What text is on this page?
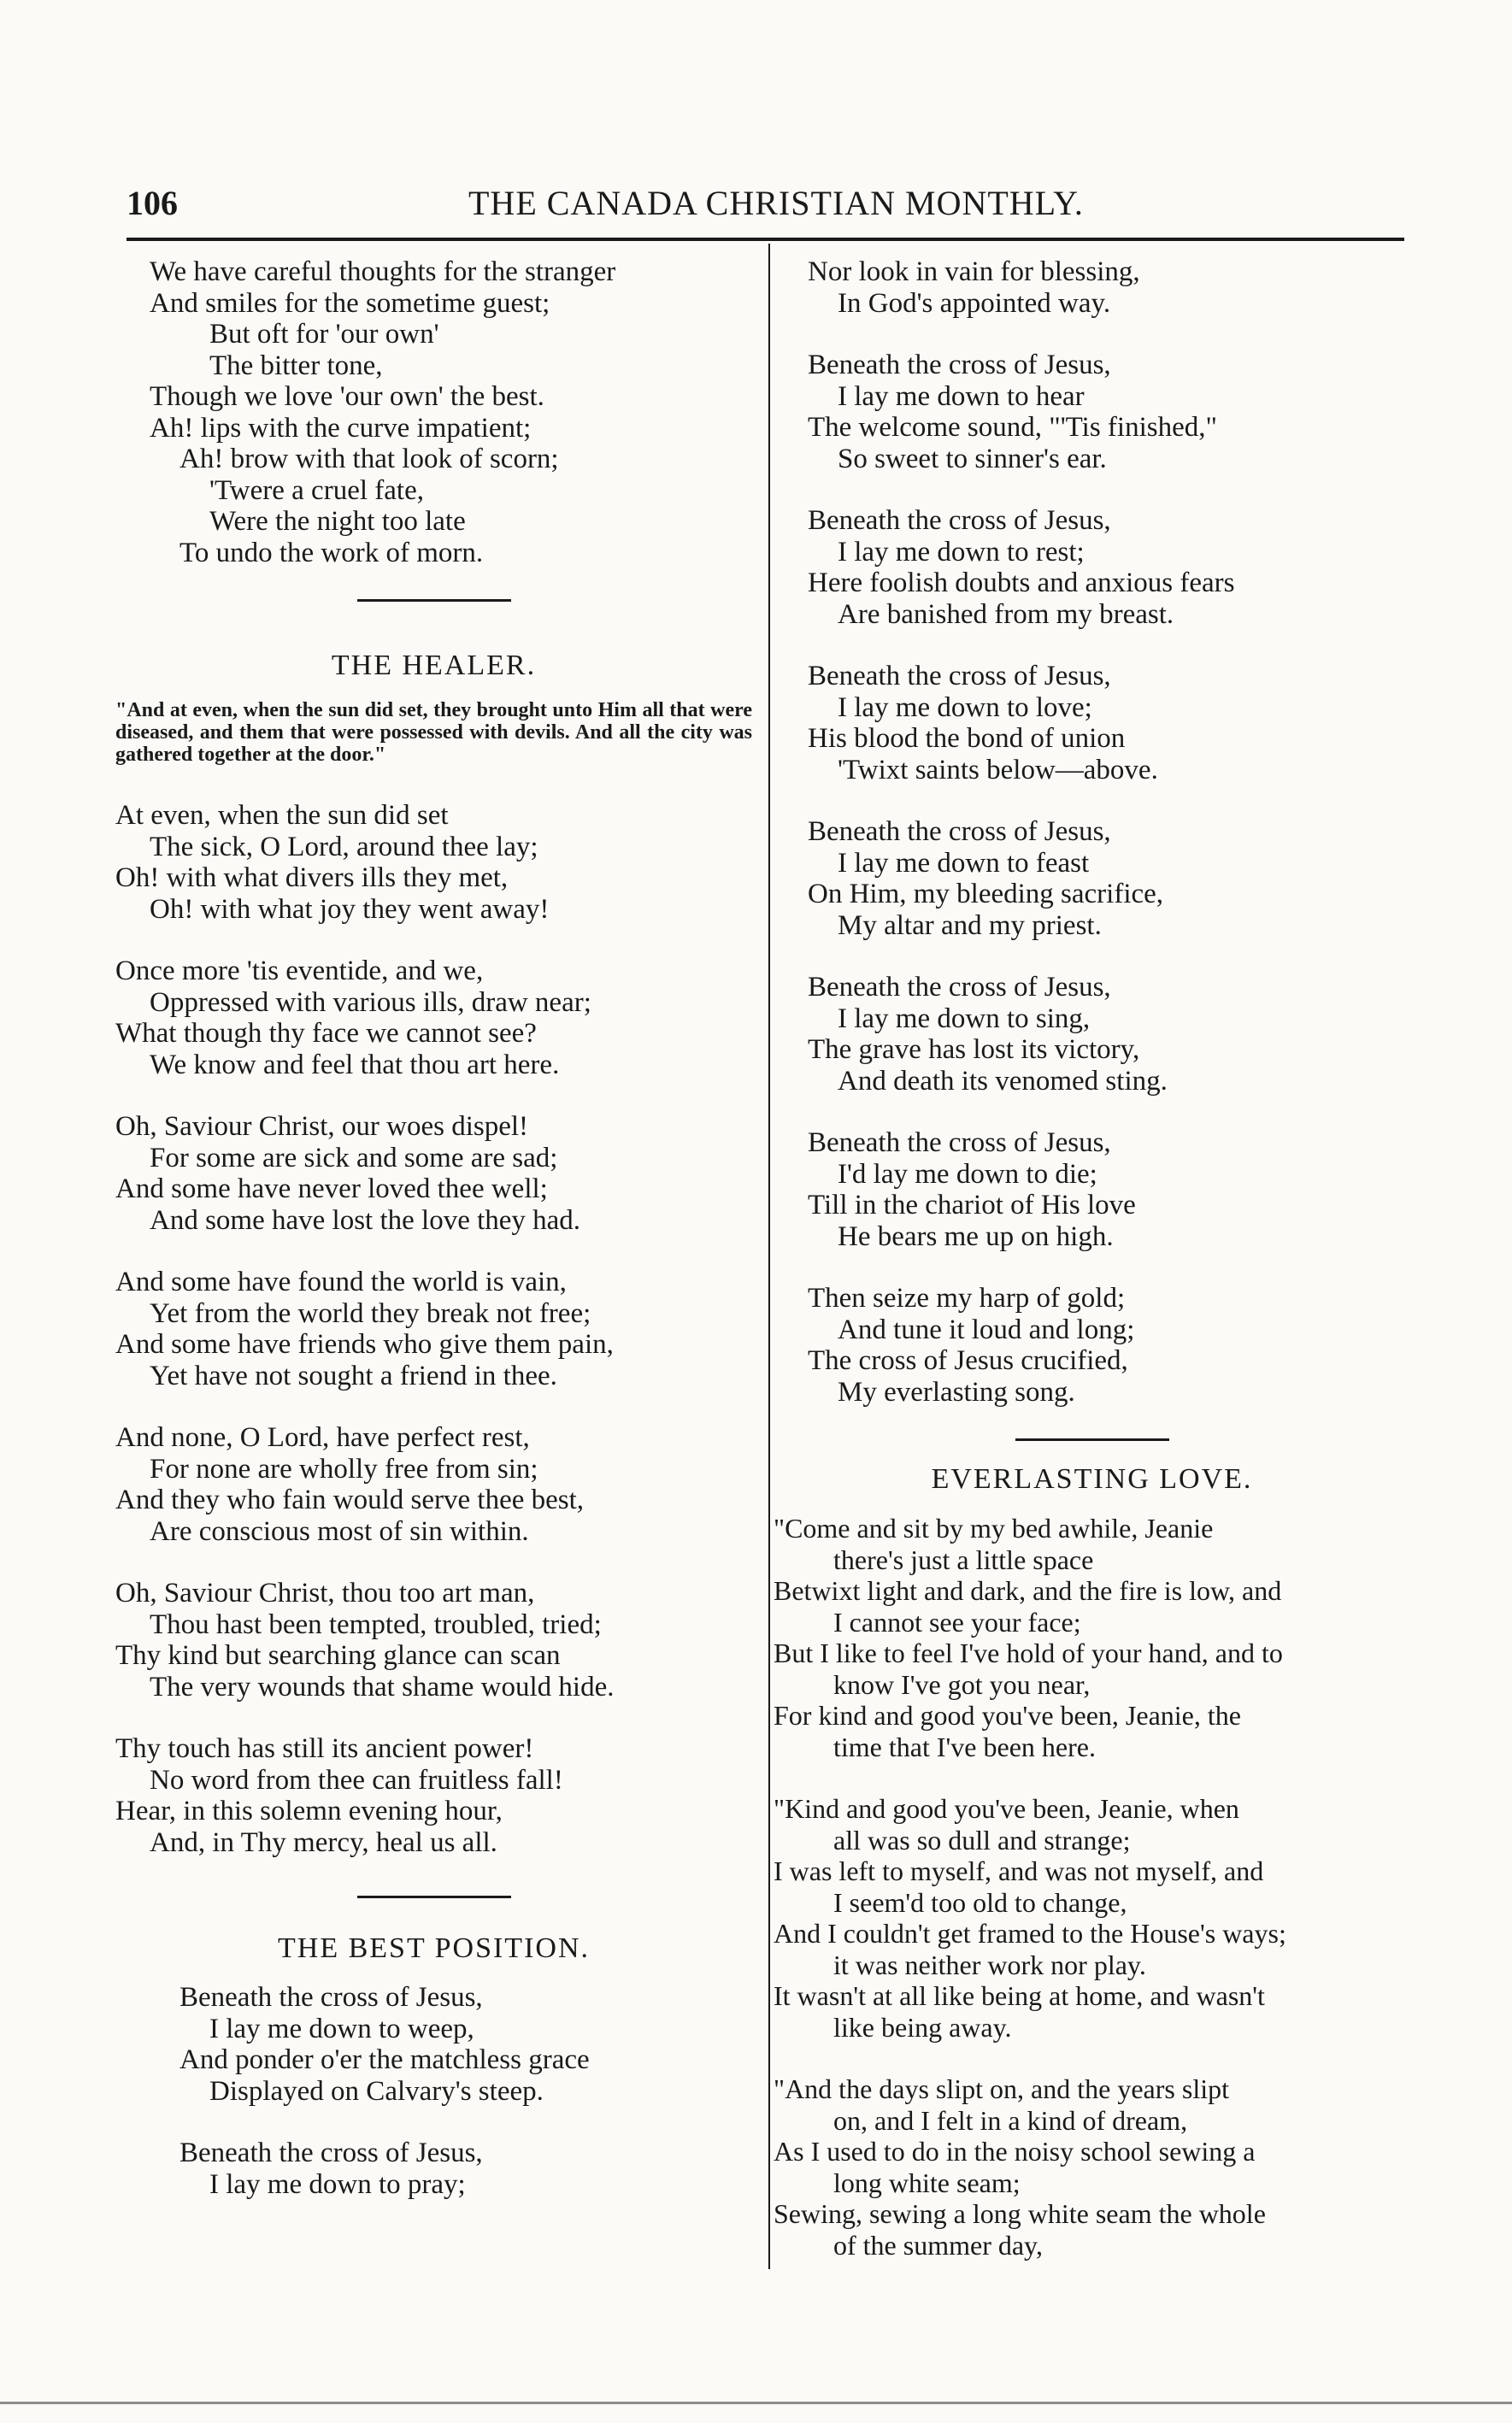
106	THE CANADA CHRISTIAN MONTHLY.
We have careful thoughts for the stranger
And smiles for the sometime guest;
But oft for 'our own'
The bitter tone,
Though we love 'our own' the best.
Ah! lips with the curve impatient;
Ah! brow with that look of scorn;
'Twere a cruel fate,
Were the night too late
To undo the work of morn.
THE HEALER.
"And at even, when the sun did set, they brought unto Him all that were diseased, and them that were possessed with devils. And all the city was gathered together at the door."
At even, when the sun did set
The sick, O Lord, around thee lay;
Oh! with what divers ills they met,
Oh! with what joy they went away!
Once more 'tis eventide, and we,
Oppressed with various ills, draw near;
What though thy face we cannot see?
We know and feel that thou art here.
Oh, Saviour Christ, our woes dispel!
For some are sick and some are sad;
And some have never loved thee well;
And some have lost the love they had.
And some have found the world is vain,
Yet from the world they break not free;
And some have friends who give them pain,
Yet have not sought a friend in thee.
And none, O Lord, have perfect rest,
For none are wholly free from sin;
And they who fain would serve thee best,
Are conscious most of sin within.
Oh, Saviour Christ, thou too art man,
Thou hast been tempted, troubled, tried;
Thy kind but searching glance can scan
The very wounds that shame would hide.
Thy touch has still its ancient power!
No word from thee can fruitless fall!
Hear, in this solemn evening hour,
And, in Thy mercy, heal us all.
THE BEST POSITION.
Beneath the cross of Jesus,
I lay me down to weep,
And ponder o'er the matchless grace
Displayed on Calvary's steep.
Beneath the cross of Jesus,
I lay me down to pray;
Nor look in vain for blessing,
In God's appointed way.
Beneath the cross of Jesus,
I lay me down to hear
The welcome sound, "'Tis finished,"
So sweet to sinner's ear.
Beneath the cross of Jesus,
I lay me down to rest;
Here foolish doubts and anxious fears
Are banished from my breast.
Beneath the cross of Jesus,
I lay me down to love;
His blood the bond of union
'Twixt saints below—above.
Beneath the cross of Jesus,
I lay me down to feast
On Him, my bleeding sacrifice,
My altar and my priest.
Beneath the cross of Jesus,
I lay me down to sing,
The grave has lost its victory,
And death its venomed sting.
Beneath the cross of Jesus,
I'd lay me down to die;
Till in the chariot of His love
He bears me up on high.
Then seize my harp of gold;
And tune it loud and long;
The cross of Jesus crucified,
My everlasting song.
EVERLASTING LOVE.
"Come and sit by my bed awhile, Jeanie
there's just a little space
Betwixt light and dark, and the fire is low, and
I cannot see your face;
But I like to feel I've hold of your hand, and to
know I've got you near,
For kind and good you've been, Jeanie, the
time that I've been here.
"Kind and good you've been, Jeanie, when
all was so dull and strange;
I was left to myself, and was not myself, and
I seem'd too old to change,
And I couldn't get framed to the House's ways;
it was neither work nor play.
It wasn't at all like being at home, and wasn't
like being away.
"And the days slipt on, and the years slipt
on, and I felt in a kind of dream,
As I used to do in the noisy school sewing a
long white seam;
Sewing, sewing a long white seam the whole
of the summer day,
